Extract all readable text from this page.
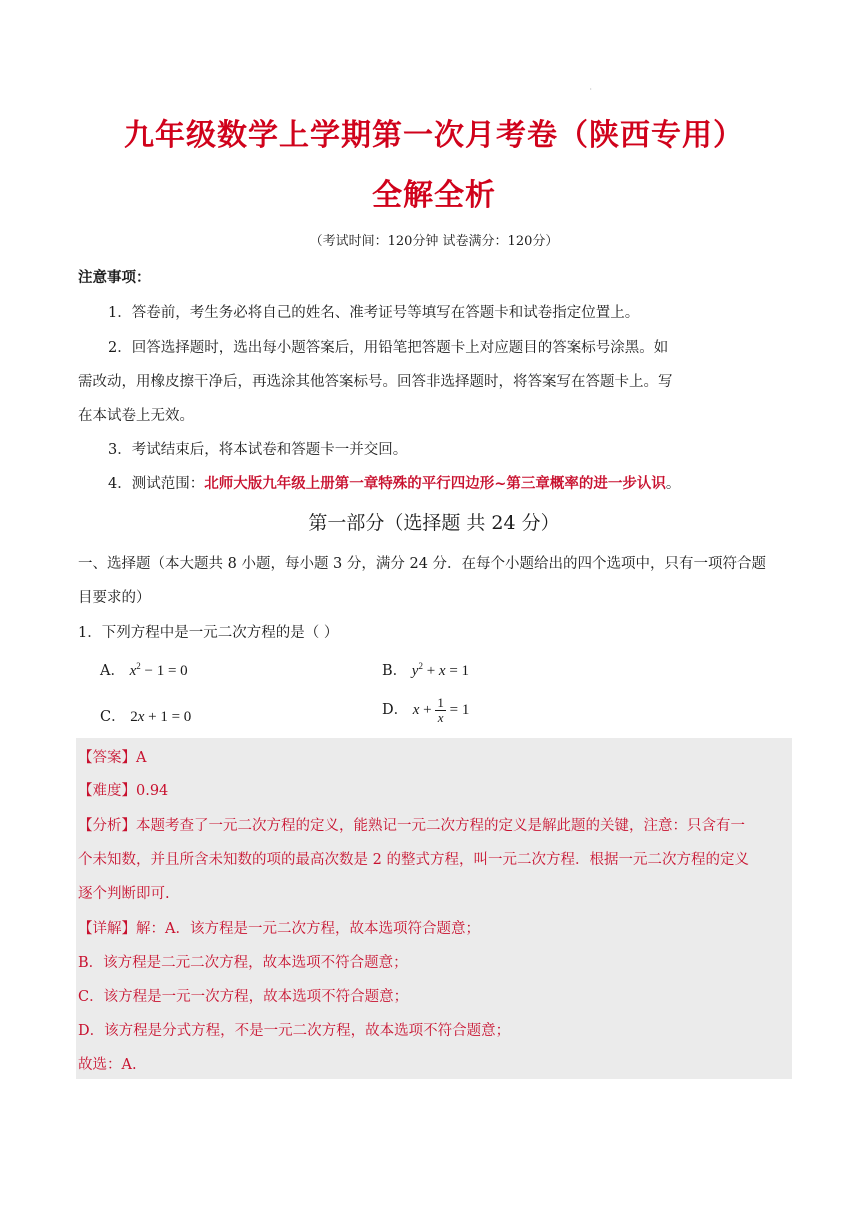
:
九年级数学上学期第一次月考卷（陕西专用）
全解全析
（考试时间：120分钟 试卷满分：120分）
注意事项：
1．答卷前，考生务必将自己的姓名、准考证号等填写在答题卡和试卷指定位置上。
2．回答选择题时，选出每小题答案后，用铅笔把答题卡上对应题目的答案标号涂黑。如
需改动，用橡皮擦干净后，再选涂其他答案标号。回答非选择题时，将答案写在答题卡上。写
在本试卷上无效。
3．考试结束后，将本试卷和答题卡一并交回。
4．测试范围：北师大版九年级上册第一章特殊的平行四边形~第三章概率的进一步认识。
第一部分（选择题 共 24 分）
一、选择题（本大题共 8 小题，每小题 3 分，满分 24 分．在每个小题给出的四个选项中，只有一项符合题
目要求的）
1．下列方程中是一元二次方程的是（ ）
A． $x^2 - 1 = 0$	B． $y^2 + x = 1$
C． 2x + 1 = 0	D． $x + \frac{1}{x} = 1$
【答案】A
【难度】0.94
【分析】本题考查了一元二次方程的定义，能熟记一元二次方程的定义是解此题的关键，注意：只含有一
个未知数，并且所含未知数的项的最高次数是 2 的整式方程，叫一元二次方程．根据一元二次方程的定义
逐个判断即可.
【详解】解：A．该方程是一元二次方程，故本选项符合题意；
B．该方程是二元二次方程，故本选项不符合题意；
C．该方程是一元一次方程，故本选项不符合题意；
D．该方程是分式方程，不是一元二次方程，故本选项不符合题意；
故选：A.
